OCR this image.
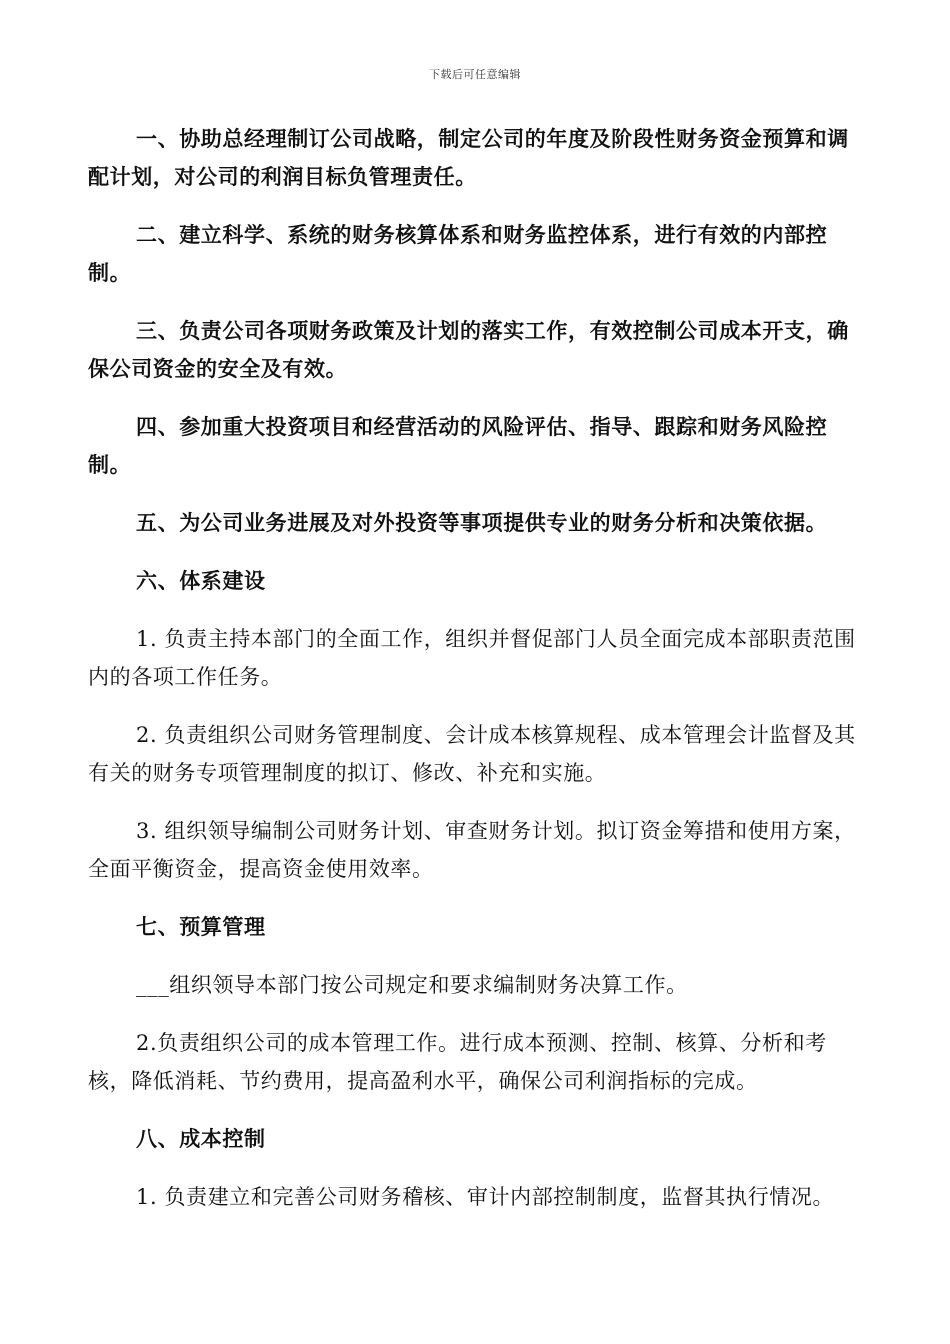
下载后可任意编辑

一、协助总经理制订公司战略，制定公司的年度及阶段性财务资金预算和调配计划，对公司的利润目标负管理责任。

二、建立科学、系统的财务核算体系和财务监控体系，进行有效的内部控制。

三、负责公司各项财务政策及计划的落实工作，有效控制公司成本开支，确保公司资金的安全及有效。

四、参加重大投资项目和经营活动的风险评估、指导、跟踪和财务风险控制。

五、为公司业务进展及对外投资等事项提供专业的财务分析和决策依据。

六、体系建设

1. 负责主持本部门的全面工作，组织并督促部门人员全面完成本部职责范围内的各项工作任务。

2. 负责组织公司财务管理制度、会计成本核算规程、成本管理会计监督及其有关的财务专项管理制度的拟订、修改、补充和实施。

3. 组织领导编制公司财务计划、审查财务计划。拟订资金筹措和使用方案，全面平衡资金，提高资金使用效率。

七、预算管理

___组织领导本部门按公司规定和要求编制财务决算工作。

2.负责组织公司的成本管理工作。进行成本预测、控制、核算、分析和考核，降低消耗、节约费用，提高盈利水平，确保公司利润指标的完成。

八、成本控制

1. 负责建立和完善公司财务稽核、审计内部控制制度，监督其执行情况。
